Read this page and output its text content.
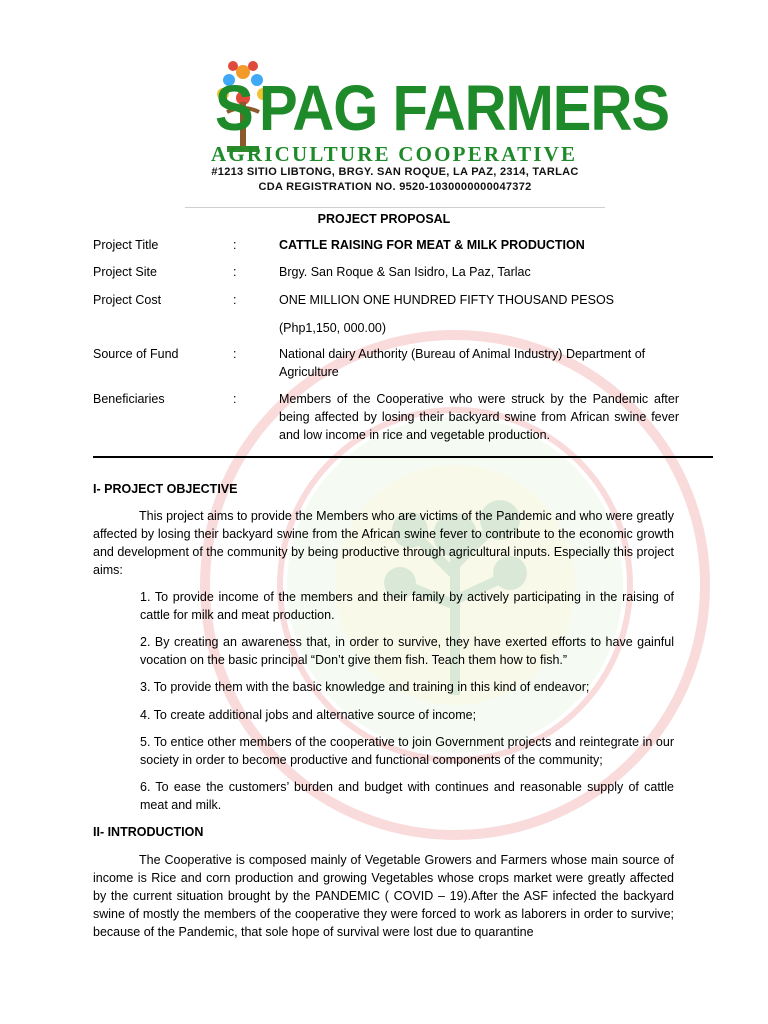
S PAG FARMERS
AGRICULTURE COOPERATIVE
#1213 SITIO LIBTONG, BRGY. SAN ROQUE, LA PAZ, 2314, TARLAC
CDA REGISTRATION NO. 9520-1030000000047372
PROJECT PROPOSAL
Project Title	:	CATTLE RAISING FOR MEAT & MILK PRODUCTION
Project Site	:	Brgy. San Roque & San Isidro, La Paz, Tarlac
Project Cost	:	ONE MILLION ONE HUNDRED FIFTY THOUSAND PESOS
(Php1,150, 000.00)
Source of Fund	:	National dairy Authority (Bureau of Animal Industry) Department of Agriculture
Beneficiaries	:	Members of the Cooperative who were struck by the Pandemic after being affected by losing their backyard swine from African swine fever and low income in rice and vegetable production.
I- PROJECT OBJECTIVE
This project aims to provide the Members who are victims of the Pandemic and who were greatly affected by losing their backyard swine from the African swine fever to contribute to the economic growth and development of the community by being productive through agricultural inputs. Especially this project aims:
1. To provide income of the members and their family by actively participating in the raising of cattle for milk and meat production.
2. By creating an awareness that, in order to survive, they have exerted efforts to have gainful vocation on the basic principal “Don’t give them fish. Teach them how to fish.”
3. To provide them with the basic knowledge and training in this kind of endeavor;
4. To create additional jobs and alternative source of income;
5. To entice other members of the cooperative to join Government projects and reintegrate in our society in order to become productive and functional components of the community;
6. To ease the customers’ burden and budget with continues and reasonable supply of cattle meat and milk.
II- INTRODUCTION
The Cooperative is composed mainly of Vegetable Growers and Farmers whose main source of income is Rice and corn production and growing Vegetables whose crops market were greatly affected by the current situation brought by the PANDEMIC ( COVID – 19).After the ASF infected the backyard swine of mostly the members of the cooperative they were forced to work as laborers in order to survive; because of the Pandemic, that sole hope of survival were lost due to quarantine
